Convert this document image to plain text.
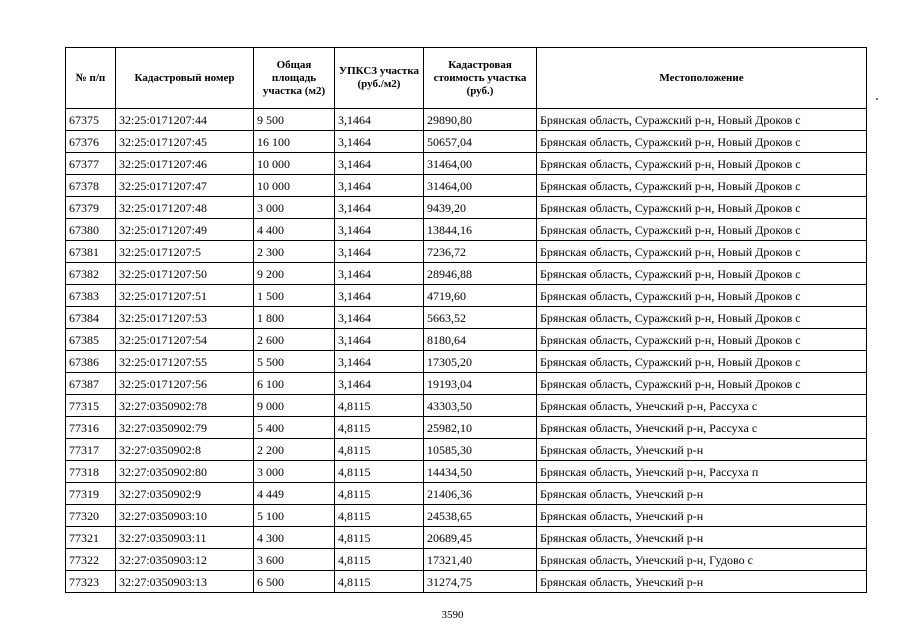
№ п/п	Кадастровый номер	Общая площадь участка (м2)	УПКСЗ участка (руб./м2)	Кадастровая стоимость участка (руб.)	Местоположение
67375	32:25:0171207:44	9 500	3,1464	29890,80	Брянская область, Суражский р-н, Новый Дроков с
67376	32:25:0171207:45	16 100	3,1464	50657,04	Брянская область, Суражский р-н, Новый Дроков с
67377	32:25:0171207:46	10 000	3,1464	31464,00	Брянская область, Суражский р-н, Новый Дроков с
67378	32:25:0171207:47	10 000	3,1464	31464,00	Брянская область, Суражский р-н, Новый Дроков с
67379	32:25:0171207:48	3 000	3,1464	9439,20	Брянская область, Суражский р-н, Новый Дроков с
67380	32:25:0171207:49	4 400	3,1464	13844,16	Брянская область, Суражский р-н, Новый Дроков с
67381	32:25:0171207:5	2 300	3,1464	7236,72	Брянская область, Суражский р-н, Новый Дроков с
67382	32:25:0171207:50	9 200	3,1464	28946,88	Брянская область, Суражский р-н, Новый Дроков с
67383	32:25:0171207:51	1 500	3,1464	4719,60	Брянская область, Суражский р-н, Новый Дроков с
67384	32:25:0171207:53	1 800	3,1464	5663,52	Брянская область, Суражский р-н, Новый Дроков с
67385	32:25:0171207:54	2 600	3,1464	8180,64	Брянская область, Суражский р-н, Новый Дроков с
67386	32:25:0171207:55	5 500	3,1464	17305,20	Брянская область, Суражский р-н, Новый Дроков с
67387	32:25:0171207:56	6 100	3,1464	19193,04	Брянская область, Суражский р-н, Новый Дроков с
77315	32:27:0350902:78	9 000	4,8115	43303,50	Брянская область, Унечский р-н, Рассуха с
77316	32:27:0350902:79	5 400	4,8115	25982,10	Брянская область, Унечский р-н, Рассуха с
77317	32:27:0350902:8	2 200	4,8115	10585,30	Брянская область, Унечский р-н
77318	32:27:0350902:80	3 000	4,8115	14434,50	Брянская область, Унечский р-н, Рассуха п
77319	32:27:0350902:9	4 449	4,8115	21406,36	Брянская область, Унечский р-н
77320	32:27:0350903:10	5 100	4,8115	24538,65	Брянская область, Унечский р-н
77321	32:27:0350903:11	4 300	4,8115	20689,45	Брянская область, Унечский р-н
77322	32:27:0350903:12	3 600	4,8115	17321,40	Брянская область, Унечский р-н, Гудово с
77323	32:27:0350903:13	6 500	4,8115	31274,75	Брянская область, Унечский р-н
3590
